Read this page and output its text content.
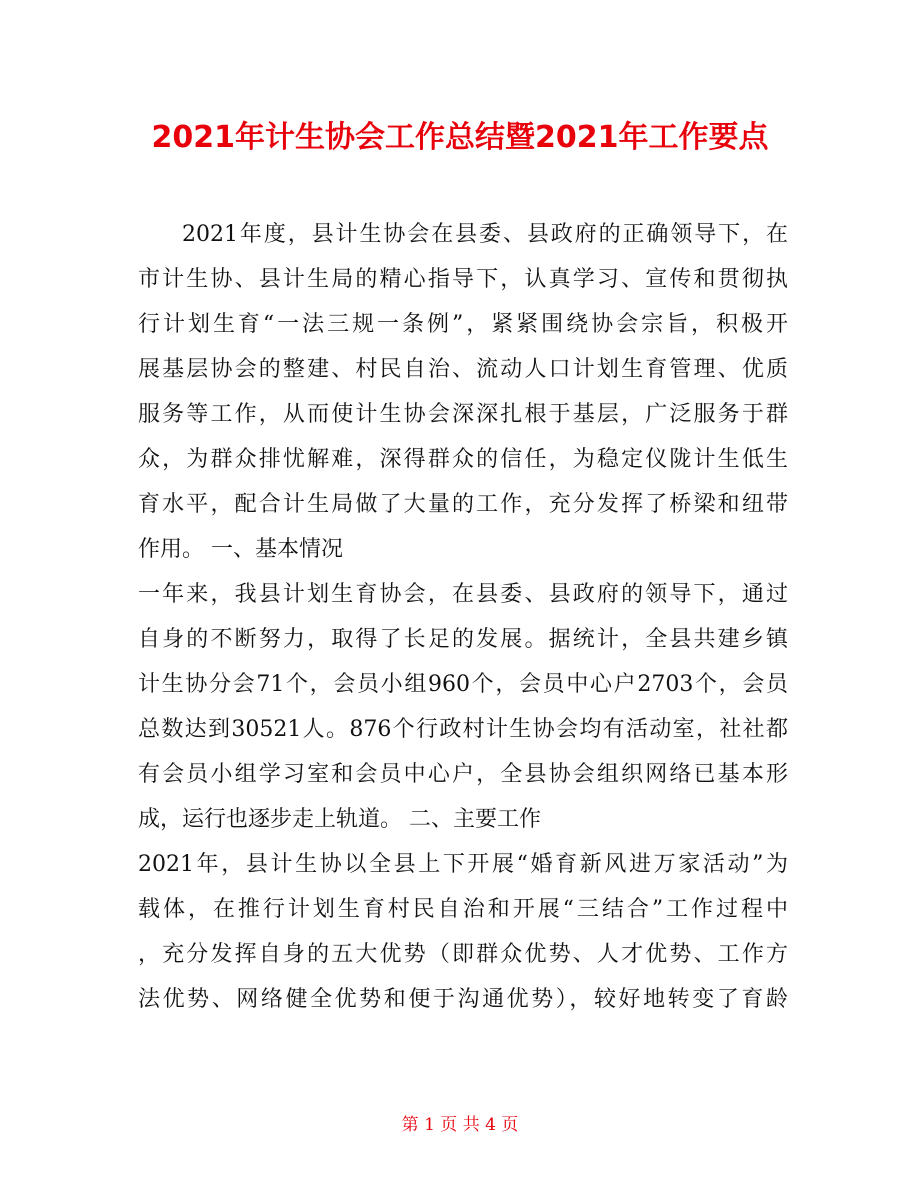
2021年计生协会工作总结暨2021年工作要点
2021年度，县计生协会在县委、县政府的正确领导下，在
市计生协、县计生局的精心指导下，认真学习、宣传和贯彻执
行计划生育“一法三规一条例”，紧紧围绕协会宗旨，积极开
展基层协会的整建、村民自治、流动人口计划生育管理、优质
服务等工作，从而使计生协会深深扎根于基层，广泛服务于群
众，为群众排忧解难，深得群众的信任，为稳定仪陇计生低生
育水平，配合计生局做了大量的工作，充分发挥了桥梁和纽带
作用。 一、基本情况
一年来，我县计划生育协会，在县委、县政府的领导下，通过
自身的不断努力，取得了长足的发展。据统计，全县共建乡镇
计生协分会71个，会员小组960个，会员中心户2703个，会员
总数达到30521人。876个行政村计生协会均有活动室，社社都
有会员小组学习室和会员中心户，全县协会组织网络已基本形
成，运行也逐步走上轨道。 二、主要工作
2021年，县计生协以全县上下开展“婚育新风进万家活动”为
载体，在推行计划生育村民自治和开展“三结合”工作过程中
，充分发挥自身的五大优势（即群众优势、人才优势、工作方
法优势、网络健全优势和便于沟通优势），较好地转变了育龄
第 1 页 共 4 页
